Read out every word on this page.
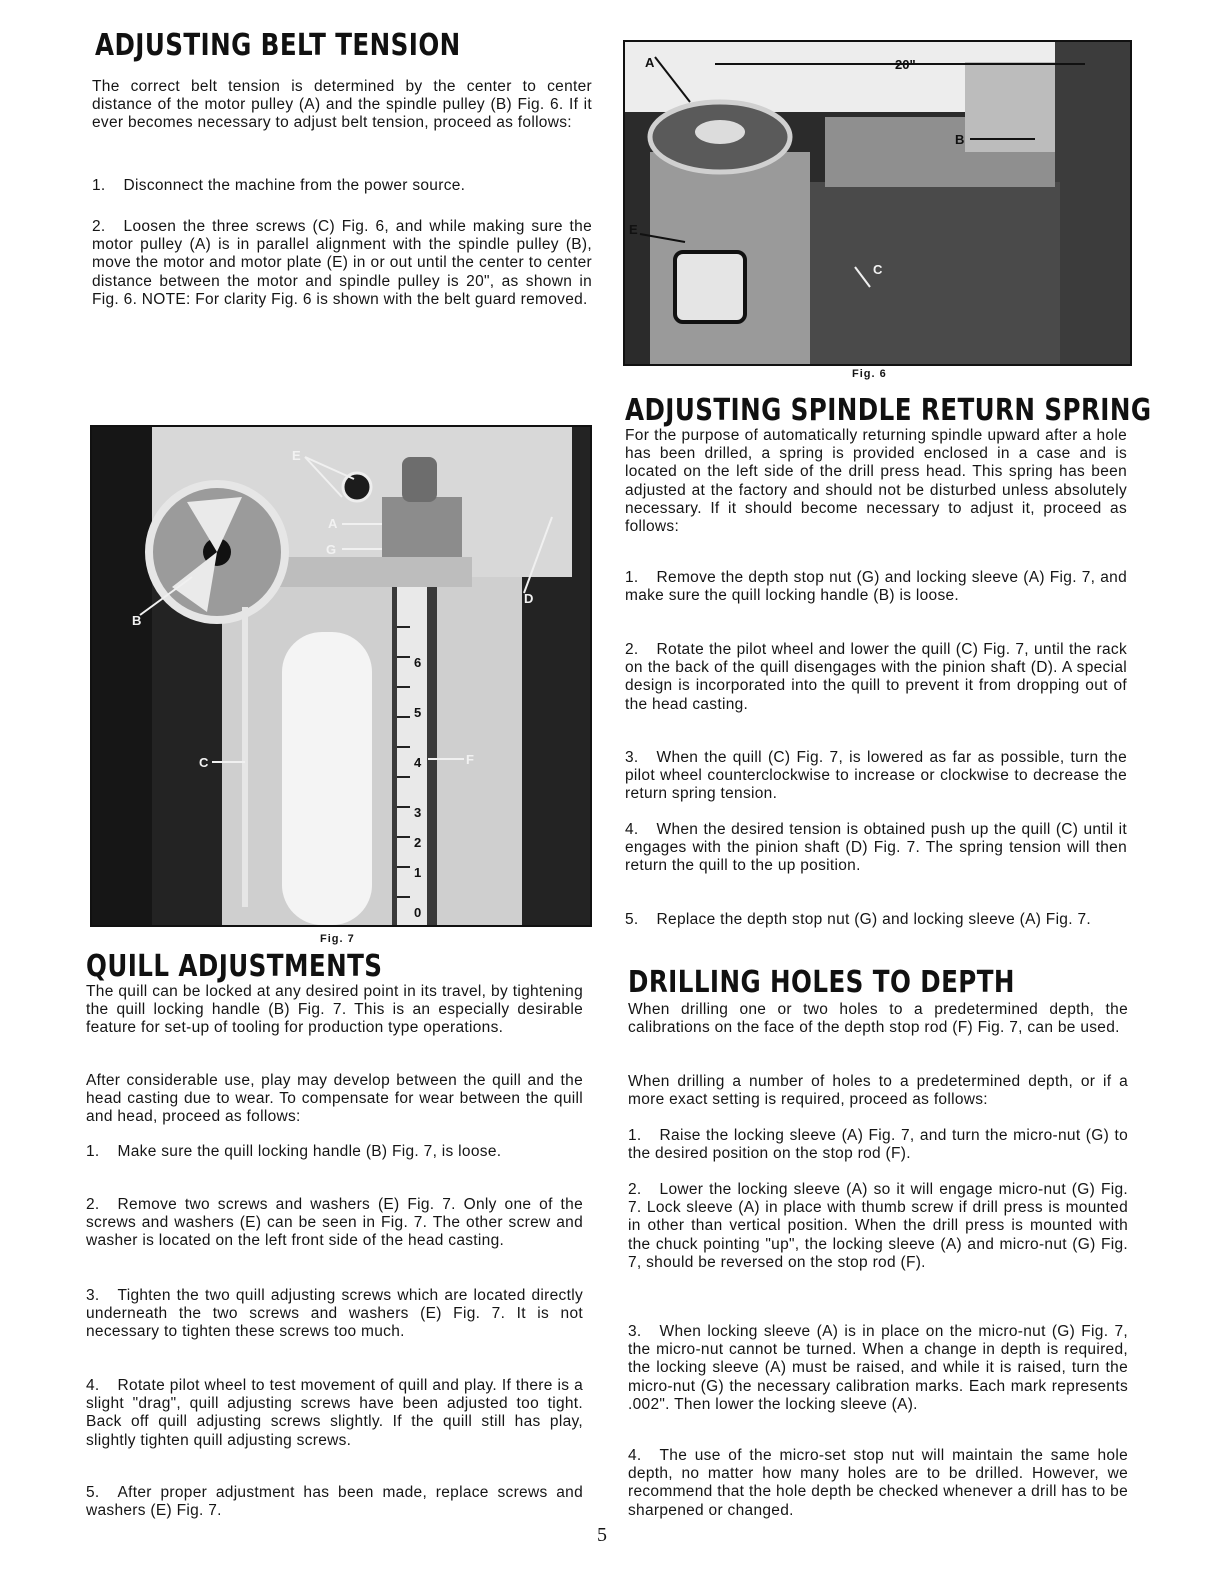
ADJUSTING BELT TENSION

The correct belt tension is determined by the center to center distance of the motor pulley (A) and the spindle pulley (B) Fig. 6. If it ever becomes necessary to adjust belt tension, proceed as follows:

1. Disconnect the machine from the power source.

2. Loosen the three screws (C) Fig. 6, and while making sure the motor pulley (A) is in parallel alignment with the spindle pulley (B), move the motor and motor plate (E) in or out until the center to center distance between the motor and spindle pulley is 20", as shown in Fig. 6. NOTE: For clarity Fig. 6 is shown with the belt guard removed.

6
5
4
3
2
1
0
E
A
G
B
D
C	F
Fig. 7
QUILL ADJUSTMENTS

The quill can be locked at any desired point in its travel, by tightening the quill locking handle (B) Fig. 7. This is an especially desirable feature for set-up of tooling for production type operations.

After considerable use, play may develop between the quill and the head casting due to wear. To compensate for wear between the quill and head, proceed as follows:

1. Make sure the quill locking handle (B) Fig. 7, is loose.

2. Remove two screws and washers (E) Fig. 7. Only one of the screws and washers (E) can be seen in Fig. 7. The other screw and washer is located on the left front side of the head casting.

3. Tighten the two quill adjusting screws which are located directly underneath the two screws and washers (E) Fig. 7. It is not necessary to tighten these screws too much.

4. Rotate pilot wheel to test movement of quill and play. If there is a slight "drag", quill adjusting screws have been adjusted too tight. Back off quill adjusting screws slightly. If the quill still has play, slightly tighten quill adjusting screws.

5. After proper adjustment has been made, replace screws and washers (E) Fig. 7.

A	20"
B
E
C
Fig. 6
ADJUSTING SPINDLE RETURN SPRING

For the purpose of automatically returning spindle upward after a hole has been drilled, a spring is provided enclosed in a case and is located on the left side of the drill press head. This spring has been adjusted at the factory and should not be disturbed unless absolutely necessary. If it should become necessary to adjust it, proceed as follows:

1. Remove the depth stop nut (G) and locking sleeve (A) Fig. 7, and make sure the quill locking handle (B) is loose.

2. Rotate the pilot wheel and lower the quill (C) Fig. 7, until the rack on the back of the quill disengages with the pinion shaft (D). A special design is incorporated into the quill to prevent it from dropping out of the head casting.

3. When the quill (C) Fig. 7, is lowered as far as possible, turn the pilot wheel counterclockwise to increase or clockwise to decrease the return spring tension.

4. When the desired tension is obtained push up the quill (C) until it engages with the pinion shaft (D) Fig. 7. The spring tension will then return the quill to the up position.

5. Replace the depth stop nut (G) and locking sleeve (A) Fig. 7.

DRILLING HOLES TO DEPTH

When drilling one or two holes to a predetermined depth, the calibrations on the face of the depth stop rod (F) Fig. 7, can be used.

When drilling a number of holes to a predetermined depth, or if a more exact setting is required, proceed as follows:

1. Raise the locking sleeve (A) Fig. 7, and turn the micro-nut (G) to the desired position on the stop rod (F).

2. Lower the locking sleeve (A) so it will engage micro-nut (G) Fig. 7. Lock sleeve (A) in place with thumb screw if drill press is mounted in other than vertical position. When the drill press is mounted with the chuck pointing "up", the locking sleeve (A) and micro-nut (G) Fig. 7, should be reversed on the stop rod (F).

3. When locking sleeve (A) is in place on the micro-nut (G) Fig. 7, the micro-nut cannot be turned. When a change in depth is required, the locking sleeve (A) must be raised, and while it is raised, turn the micro-nut (G) the necessary calibration marks. Each mark represents .002". Then lower the locking sleeve (A).

4. The use of the micro-set stop nut will maintain the same hole depth, no matter how many holes are to be drilled. However, we recommend that the hole depth be checked whenever a drill has to be sharpened or changed.

5
